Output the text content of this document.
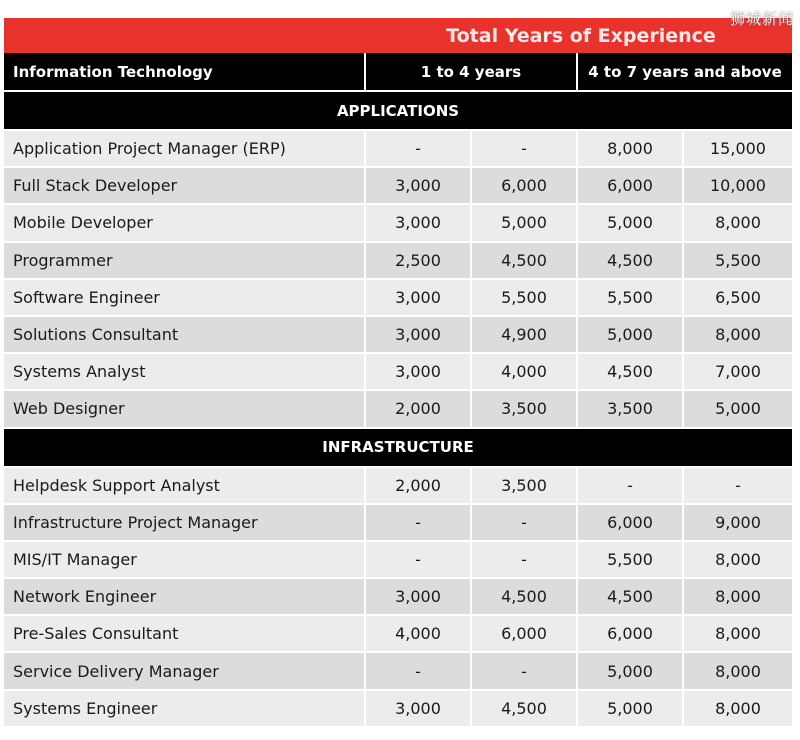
狮城新闻
Total Years of Experience
Information Technology	1 to 4 years	4 to 7 years and above
APPLICATIONS
Application Project Manager (ERP)	-	-	8,000	15,000
Full Stack Developer	3,000	6,000	6,000	10,000
Mobile Developer	3,000	5,000	5,000	8,000
Programmer	2,500	4,500	4,500	5,500
Software Engineer	3,000	5,500	5,500	6,500
Solutions Consultant	3,000	4,900	5,000	8,000
Systems Analyst	3,000	4,000	4,500	7,000
Web Designer	2,000	3,500	3,500	5,000
INFRASTRUCTURE
Helpdesk Support Analyst	2,000	3,500	-	-
Infrastructure Project Manager	-	-	6,000	9,000
MIS/IT Manager	-	-	5,500	8,000
Network Engineer	3,000	4,500	4,500	8,000
Pre-Sales Consultant	4,000	6,000	6,000	8,000
Service Delivery Manager	-	-	5,000	8,000
Systems Engineer	3,000	4,500	5,000	8,000
